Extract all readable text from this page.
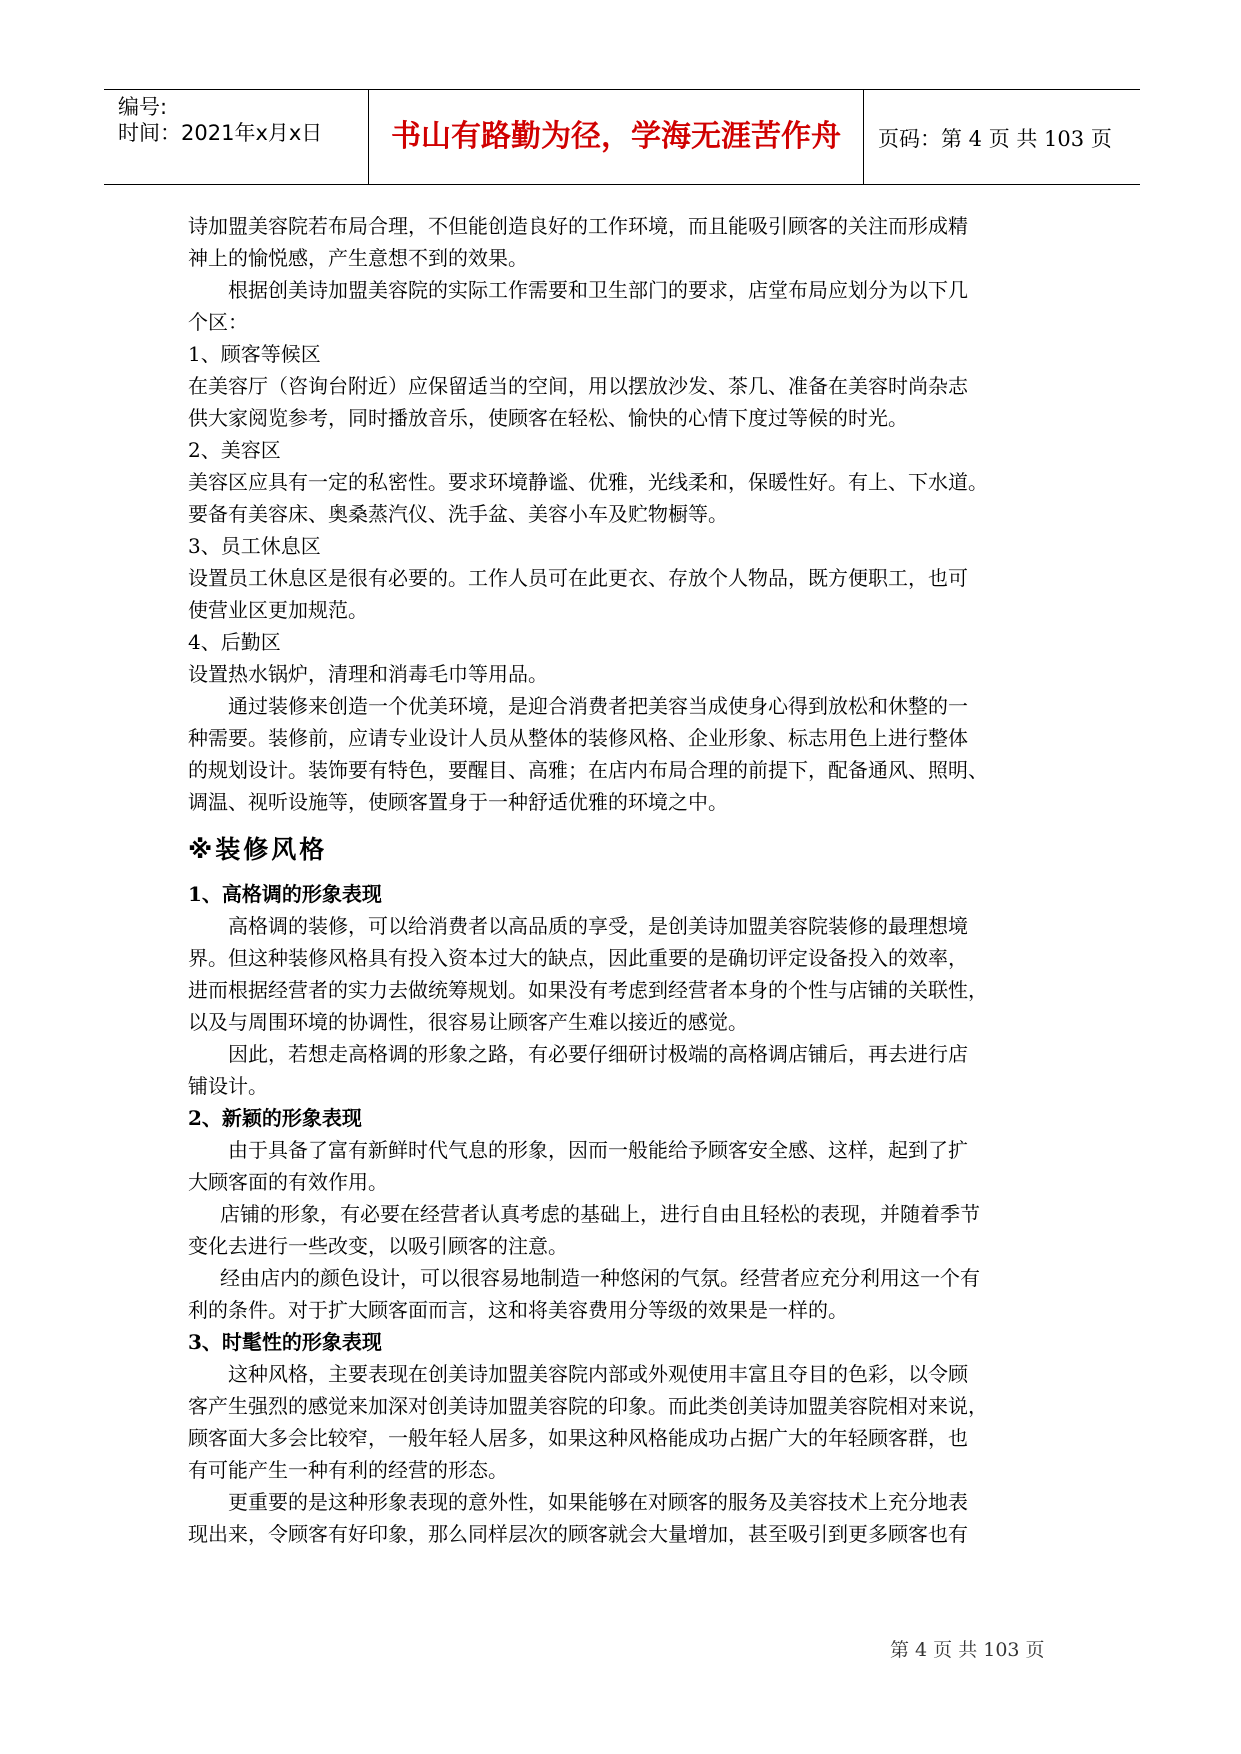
编号:
时间：2021年x月x日	书山有路勤为径，学海无涯苦作舟	页码：第 4 页 共 103 页

诗加盟美容院若布局合理，不但能创造良好的工作环境，而且能吸引顾客的关注而形成精

神上的愉悦感，产生意想不到的效果。

根据创美诗加盟美容院的实际工作需要和卫生部门的要求，店堂布局应划分为以下几

个区：

1、顾客等候区

在美容厅（咨询台附近）应保留适当的空间，用以摆放沙发、茶几、准备在美容时尚杂志

供大家阅览参考，同时播放音乐，使顾客在轻松、愉快的心情下度过等候的时光。

2、美容区

美容区应具有一定的私密性。要求环境静谧、优雅，光线柔和，保暖性好。有上、下水道。

要备有美容床、奥桑蒸汽仪、洗手盆、美容小车及贮物橱等。

3、员工休息区

设置员工休息区是很有必要的。工作人员可在此更衣、存放个人物品，既方便职工，也可

使营业区更加规范。

4、后勤区

设置热水锅炉，清理和消毒毛巾等用品。

通过装修来创造一个优美环境，是迎合消费者把美容当成使身心得到放松和休整的一

种需要。装修前，应请专业设计人员从整体的装修风格、企业形象、标志用色上进行整体

的规划设计。装饰要有特色，要醒目、高雅；在店内布局合理的前提下，配备通风、照明、

调温、视听设施等，使顾客置身于一种舒适优雅的环境之中。

※装修风格

1、高格调的形象表现

高格调的装修，可以给消费者以高品质的享受，是创美诗加盟美容院装修的最理想境

界。但这种装修风格具有投入资本过大的缺点，因此重要的是确切评定设备投入的效率，

进而根据经营者的实力去做统筹规划。如果没有考虑到经营者本身的个性与店铺的关联性，

以及与周围环境的协调性，很容易让顾客产生难以接近的感觉。

因此，若想走高格调的形象之路，有必要仔细研讨极端的高格调店铺后，再去进行店

铺设计。

2、新颖的形象表现

由于具备了富有新鲜时代气息的形象，因而一般能给予顾客安全感、这样，起到了扩

大顾客面的有效作用。

店铺的形象，有必要在经营者认真考虑的基础上，进行自由且轻松的表现，并随着季节

变化去进行一些改变，以吸引顾客的注意。

经由店内的颜色设计，可以很容易地制造一种悠闲的气氛。经营者应充分利用这一个有

利的条件。对于扩大顾客面而言，这和将美容费用分等级的效果是一样的。

3、时髦性的形象表现

这种风格，主要表现在创美诗加盟美容院内部或外观使用丰富且夺目的色彩，以令顾

客产生强烈的感觉来加深对创美诗加盟美容院的印象。而此类创美诗加盟美容院相对来说，

顾客面大多会比较窄，一般年轻人居多，如果这种风格能成功占据广大的年轻顾客群，也

有可能产生一种有利的经营的形态。

更重要的是这种形象表现的意外性，如果能够在对顾客的服务及美容技术上充分地表

现出来，令顾客有好印象，那么同样层次的顾客就会大量增加，甚至吸引到更多顾客也有

第 4 页 共 103 页
